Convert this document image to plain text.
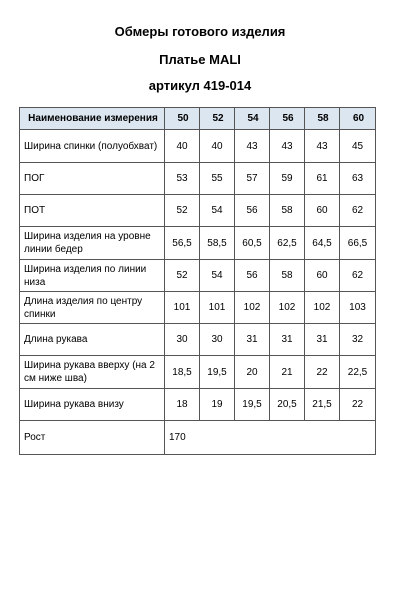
Обмеры готового изделия
Платье MALI
артикул 419-014
Наименование измерения	50	52	54	56	58	60
Ширина спинки (полуобхват)	40	40	43	43	43	45
ПОГ	53	55	57	59	61	63
ПОТ	52	54	56	58	60	62
Ширина изделия на уровне линии бедер	56,5	58,5	60,5	62,5	64,5	66,5
Ширина изделия по линии низа	52	54	56	58	60	62
Длина изделия по центру спинки	101	101	102	102	102	103
Длина рукава	30	30	31	31	31	32
Ширина рукава вверху (на 2 см ниже шва)	18,5	19,5	20	21	22	22,5
Ширина рукава внизу	18	19	19,5	20,5	21,5	22
Рост	170					
